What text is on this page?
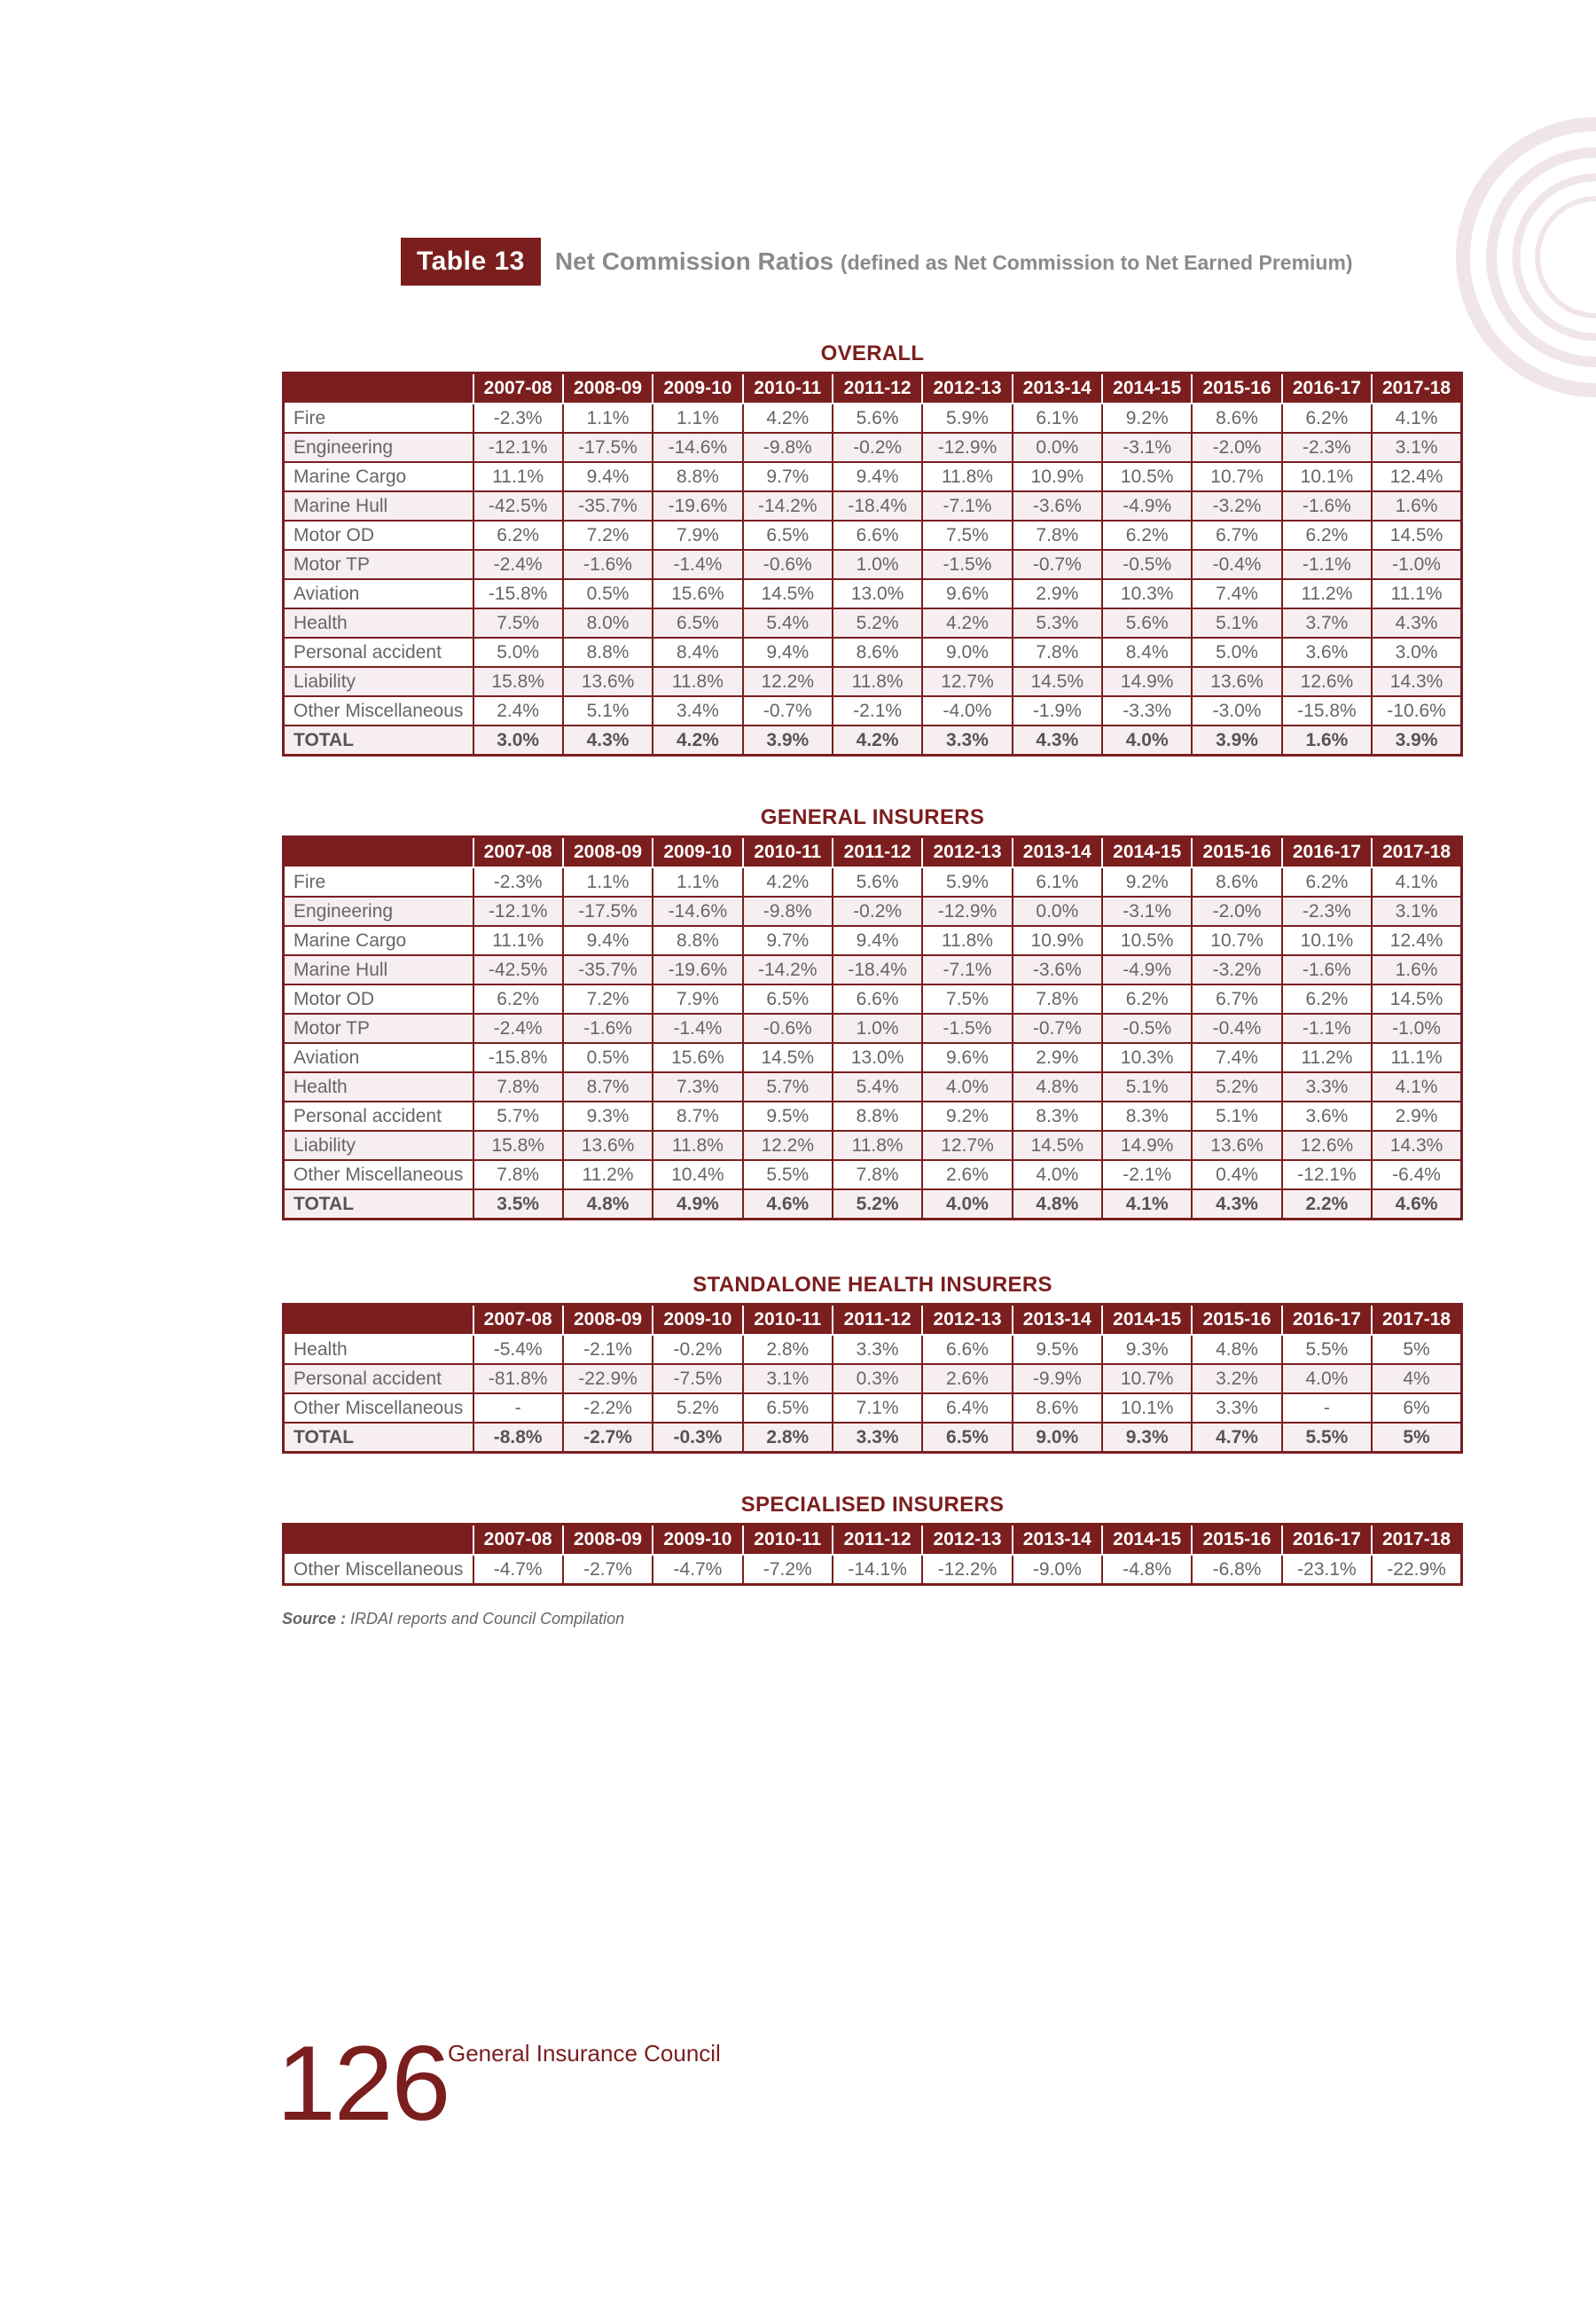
Table 13	Net Commission Ratios (defined as Net Commission to Net Earned Premium)
OVERALL
	2007-08	2008-09	2009-10	2010-11	2011-12	2012-13	2013-14	2014-15	2015-16	2016-17	2017-18
Fire	-2.3%	1.1%	1.1%	4.2%	5.6%	5.9%	6.1%	9.2%	8.6%	6.2%	4.1%
Engineering	-12.1%	-17.5%	-14.6%	-9.8%	-0.2%	-12.9%	0.0%	-3.1%	-2.0%	-2.3%	3.1%
Marine Cargo	11.1%	9.4%	8.8%	9.7%	9.4%	11.8%	10.9%	10.5%	10.7%	10.1%	12.4%
Marine Hull	-42.5%	-35.7%	-19.6%	-14.2%	-18.4%	-7.1%	-3.6%	-4.9%	-3.2%	-1.6%	1.6%
Motor OD	6.2%	7.2%	7.9%	6.5%	6.6%	7.5%	7.8%	6.2%	6.7%	6.2%	14.5%
Motor TP	-2.4%	-1.6%	-1.4%	-0.6%	1.0%	-1.5%	-0.7%	-0.5%	-0.4%	-1.1%	-1.0%
Aviation	-15.8%	0.5%	15.6%	14.5%	13.0%	9.6%	2.9%	10.3%	7.4%	11.2%	11.1%
Health	7.5%	8.0%	6.5%	5.4%	5.2%	4.2%	5.3%	5.6%	5.1%	3.7%	4.3%
Personal accident	5.0%	8.8%	8.4%	9.4%	8.6%	9.0%	7.8%	8.4%	5.0%	3.6%	3.0%
Liability	15.8%	13.6%	11.8%	12.2%	11.8%	12.7%	14.5%	14.9%	13.6%	12.6%	14.3%
Other Miscellaneous	2.4%	5.1%	3.4%	-0.7%	-2.1%	-4.0%	-1.9%	-3.3%	-3.0%	-15.8%	-10.6%
TOTAL	3.0%	4.3%	4.2%	3.9%	4.2%	3.3%	4.3%	4.0%	3.9%	1.6%	3.9%
GENERAL INSURERS
	2007-08	2008-09	2009-10	2010-11	2011-12	2012-13	2013-14	2014-15	2015-16	2016-17	2017-18
Fire	-2.3%	1.1%	1.1%	4.2%	5.6%	5.9%	6.1%	9.2%	8.6%	6.2%	4.1%
Engineering	-12.1%	-17.5%	-14.6%	-9.8%	-0.2%	-12.9%	0.0%	-3.1%	-2.0%	-2.3%	3.1%
Marine Cargo	11.1%	9.4%	8.8%	9.7%	9.4%	11.8%	10.9%	10.5%	10.7%	10.1%	12.4%
Marine Hull	-42.5%	-35.7%	-19.6%	-14.2%	-18.4%	-7.1%	-3.6%	-4.9%	-3.2%	-1.6%	1.6%
Motor OD	6.2%	7.2%	7.9%	6.5%	6.6%	7.5%	7.8%	6.2%	6.7%	6.2%	14.5%
Motor TP	-2.4%	-1.6%	-1.4%	-0.6%	1.0%	-1.5%	-0.7%	-0.5%	-0.4%	-1.1%	-1.0%
Aviation	-15.8%	0.5%	15.6%	14.5%	13.0%	9.6%	2.9%	10.3%	7.4%	11.2%	11.1%
Health	7.8%	8.7%	7.3%	5.7%	5.4%	4.0%	4.8%	5.1%	5.2%	3.3%	4.1%
Personal accident	5.7%	9.3%	8.7%	9.5%	8.8%	9.2%	8.3%	8.3%	5.1%	3.6%	2.9%
Liability	15.8%	13.6%	11.8%	12.2%	11.8%	12.7%	14.5%	14.9%	13.6%	12.6%	14.3%
Other Miscellaneous	7.8%	11.2%	10.4%	5.5%	7.8%	2.6%	4.0%	-2.1%	0.4%	-12.1%	-6.4%
TOTAL	3.5%	4.8%	4.9%	4.6%	5.2%	4.0%	4.8%	4.1%	4.3%	2.2%	4.6%
STANDALONE HEALTH INSURERS
	2007-08	2008-09	2009-10	2010-11	2011-12	2012-13	2013-14	2014-15	2015-16	2016-17	2017-18
Health	-5.4%	-2.1%	-0.2%	2.8%	3.3%	6.6%	9.5%	9.3%	4.8%	5.5%	5%
Personal accident	-81.8%	-22.9%	-7.5%	3.1%	0.3%	2.6%	-9.9%	10.7%	3.2%	4.0%	4%
Other Miscellaneous	-	-2.2%	5.2%	6.5%	7.1%	6.4%	8.6%	10.1%	3.3%	-	6%
TOTAL	-8.8%	-2.7%	-0.3%	2.8%	3.3%	6.5%	9.0%	9.3%	4.7%	5.5%	5%
SPECIALISED INSURERS
	2007-08	2008-09	2009-10	2010-11	2011-12	2012-13	2013-14	2014-15	2015-16	2016-17	2017-18
Other Miscellaneous	-4.7%	-2.7%	-4.7%	-7.2%	-14.1%	-12.2%	-9.0%	-4.8%	-6.8%	-23.1%	-22.9%
Source : IRDAI reports and Council Compilation
126
General Insurance Council
